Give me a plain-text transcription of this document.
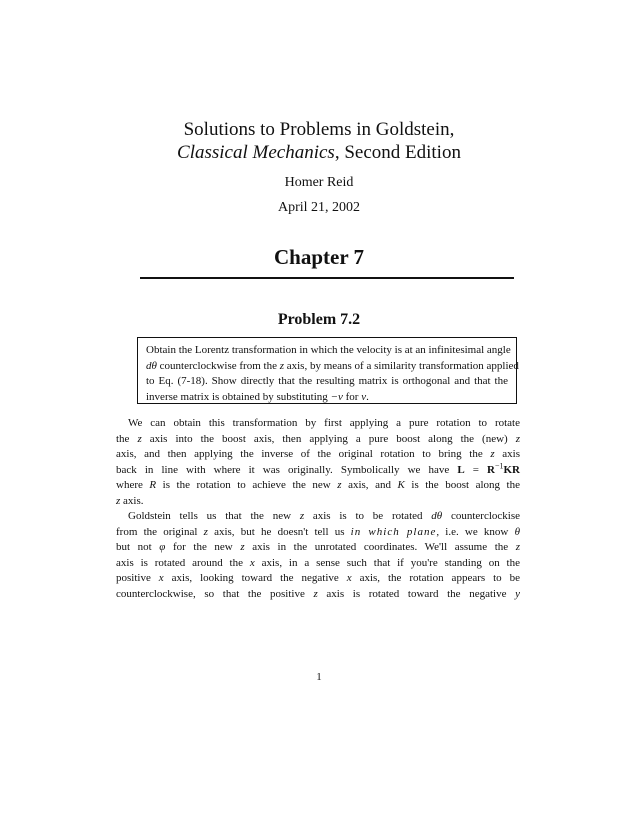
Solutions to Problems in Goldstein,
Classical Mechanics, Second Edition
Homer Reid
April 21, 2002
Chapter 7
Problem 7.2
Obtain the Lorentz transformation in which the velocity is at an infinitesimal angle
dθ counterclockwise from the z axis, by means of a similarity transformation applied
to Eq. (7-18). Show directly that the resulting matrix is orthogonal and that the
inverse matrix is obtained by substituting −v for v.
We can obtain this transformation by first applying a pure rotation to rotate
the z axis into the boost axis, then applying a pure boost along the (new) z
axis, and then applying the inverse of the original rotation to bring the z axis
back in line with where it was originally. Symbolically we have $L = R^{-1}KR$
where R is the rotation to achieve the new z axis, and K is the boost along the
z axis.
Goldstein tells us that the new z axis is to be rotated dθ counterclockise
from the original z axis, but he doesn't tell us in which plane, i.e. we know θ
but not φ for the new z axis in the unrotated coordinates. We'll assume the z
axis is rotated around the x axis, in a sense such that if you're standing on the
positive x axis, looking toward the negative x axis, the rotation appears to be
counterclockwise, so that the positive z axis is rotated toward the negative y
1
